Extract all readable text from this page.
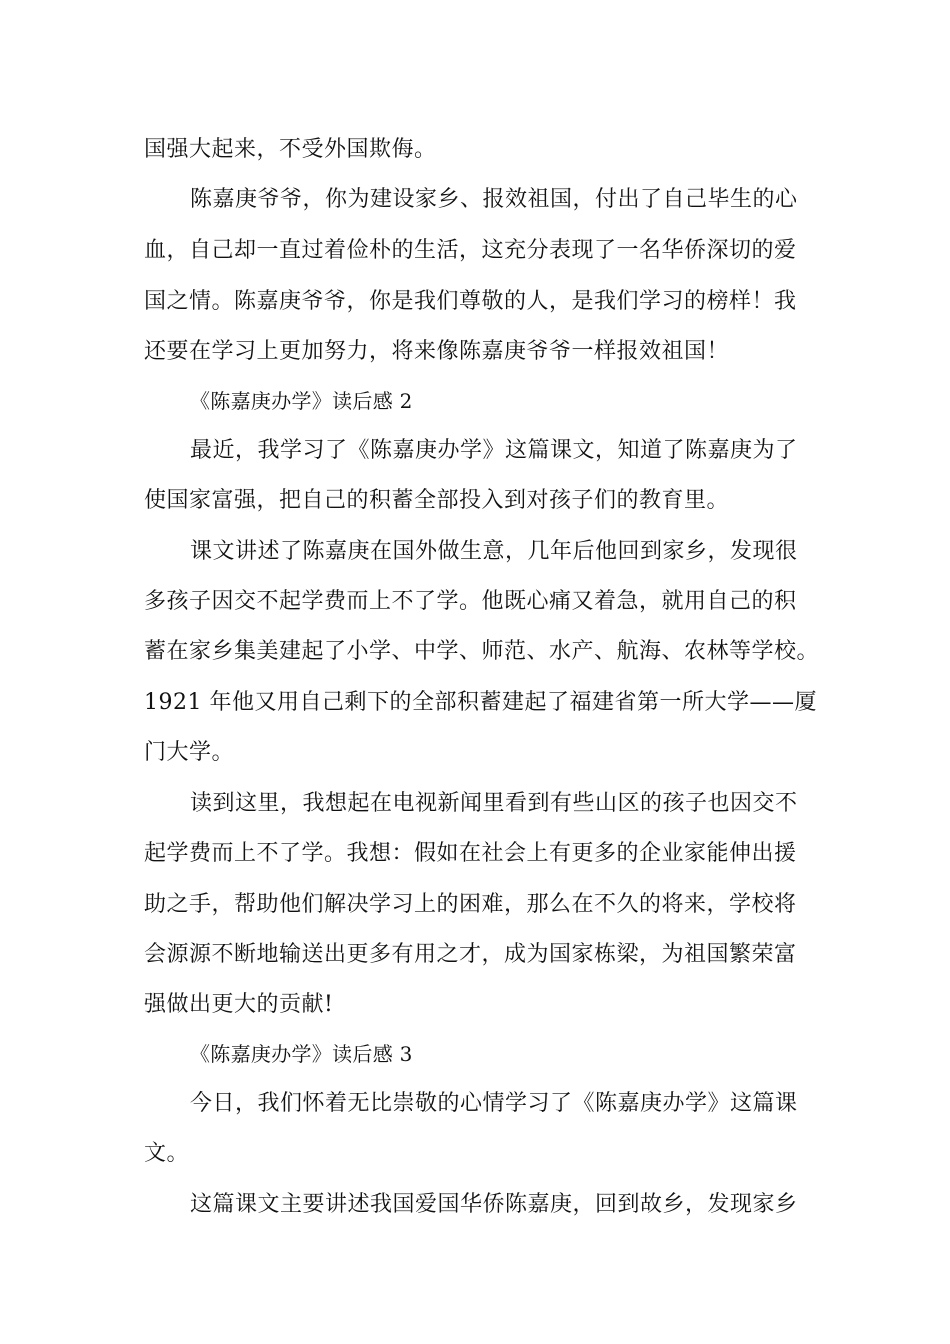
国强大起来，不受外国欺侮。
陈嘉庚爷爷，你为建设家乡、报效祖国，付出了自己毕生的心
血，自己却一直过着俭朴的生活，这充分表现了一名华侨深切的爱
国之情。陈嘉庚爷爷，你是我们尊敬的人，是我们学习的榜样！我
还要在学习上更加努力，将来像陈嘉庚爷爷一样报效祖国！
《陈嘉庚办学》读后感 2
最近，我学习了《陈嘉庚办学》这篇课文，知道了陈嘉庚为了
使国家富强，把自己的积蓄全部投入到对孩子们的教育里。
课文讲述了陈嘉庚在国外做生意，几年后他回到家乡，发现很
多孩子因交不起学费而上不了学。他既心痛又着急，就用自己的积
蓄在家乡集美建起了小学、中学、师范、水产、航海、农林等学校。
1921 年他又用自己剩下的全部积蓄建起了福建省第一所大学——厦
门大学。
读到这里，我想起在电视新闻里看到有些山区的孩子也因交不
起学费而上不了学。我想：假如在社会上有更多的企业家能伸出援
助之手，帮助他们解决学习上的困难，那么在不久的将来，学校将
会源源不断地输送出更多有用之才，成为国家栋梁，为祖国繁荣富
强做出更大的贡献!
《陈嘉庚办学》读后感 3
今日，我们怀着无比崇敬的心情学习了《陈嘉庚办学》这篇课
文。
这篇课文主要讲述我国爱国华侨陈嘉庚，回到故乡，发现家乡
